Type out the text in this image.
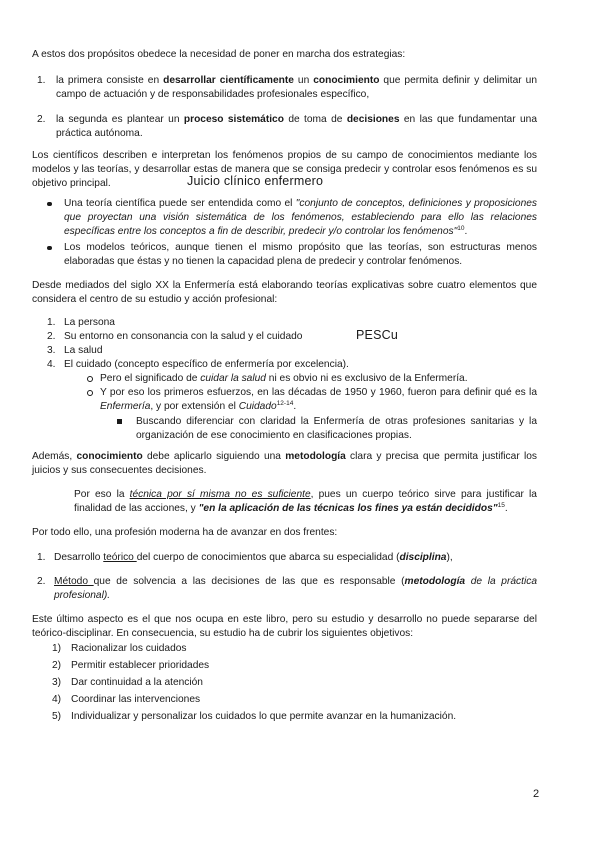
A estos dos propósitos obedece la necesidad de poner en marcha dos estrategias:
1.	la primera consiste en desarrollar científicamente un conocimiento que permita definir y delimitar un campo de actuación y de responsabilidades profesionales específico,
2.	la segunda es plantear un proceso sistemático de toma de decisiones en las que fundamentar una práctica autónoma.
Los científicos describen e interpretan los fenómenos propios de su campo de conocimientos mediante los modelos y las teorías, y desarrollar estas de manera que se consiga predecir y controlar esos fenómenos es su objetivo principal.	Juicio clínico enfermero
Una teoría científica puede ser entendida como el "conjunto de conceptos, definiciones y proposiciones que proyectan una visión sistemática de los fenómenos, estableciendo para ello las relaciones específicas entre los conceptos a fin de describir, predecir y/o controlar los fenómenos"$^{10}$.
Los modelos teóricos, aunque tienen el mismo propósito que las teorías, son estructuras menos elaboradas que éstas y no tienen la capacidad plena de predecir y controlar fenómenos.
Desde mediados del siglo XX la Enfermería está elaborando teorías explicativas sobre cuatro elementos que considera el centro de su estudio y acción profesional:
1. La persona
2. Su entorno en consonancia con la salud y el cuidado
3. La salud
4. El cuidado (concepto específico de enfermería por excelencia).
PESCu
Pero el significado de cuidar la salud ni es obvio ni es exclusivo de la Enfermería.
Y por eso los primeros esfuerzos, en las décadas de 1950 y 1960, fueron para definir qué es la Enfermería, y por extensión el Cuidado$^{12-14}$.
Buscando diferenciar con claridad la Enfermería de otras profesiones sanitarias y la organización de ese conocimiento en clasificaciones propias.
Además, conocimiento debe aplicarlo siguiendo una metodología clara y precisa que permita justificar los juicios y sus consecuentes decisiones.
Por eso la técnica por sí misma no es suficiente, pues un cuerpo teórico sirve para justificar la finalidad de las acciones, y "en la aplicación de las técnicas los fines ya están decididos"$^{15}$.
Por todo ello, una profesión moderna ha de avanzar en dos frentes:
1. Desarrollo teórico del cuerpo de conocimientos que abarca su especialidad (disciplina),
2. Método que de solvencia a las decisiones de las que es responsable (metodología de la práctica profesional).
Este último aspecto es el que nos ocupa en este libro, pero su estudio y desarrollo no puede separarse del teórico-disciplinar. En consecuencia, su estudio ha de cubrir los siguientes objetivos:
1) Racionalizar los cuidados
2) Permitir establecer prioridades
3) Dar continuidad a la atención
4) Coordinar las intervenciones
5) Individualizar y personalizar los cuidados lo que permite avanzar en la humanización.
2
